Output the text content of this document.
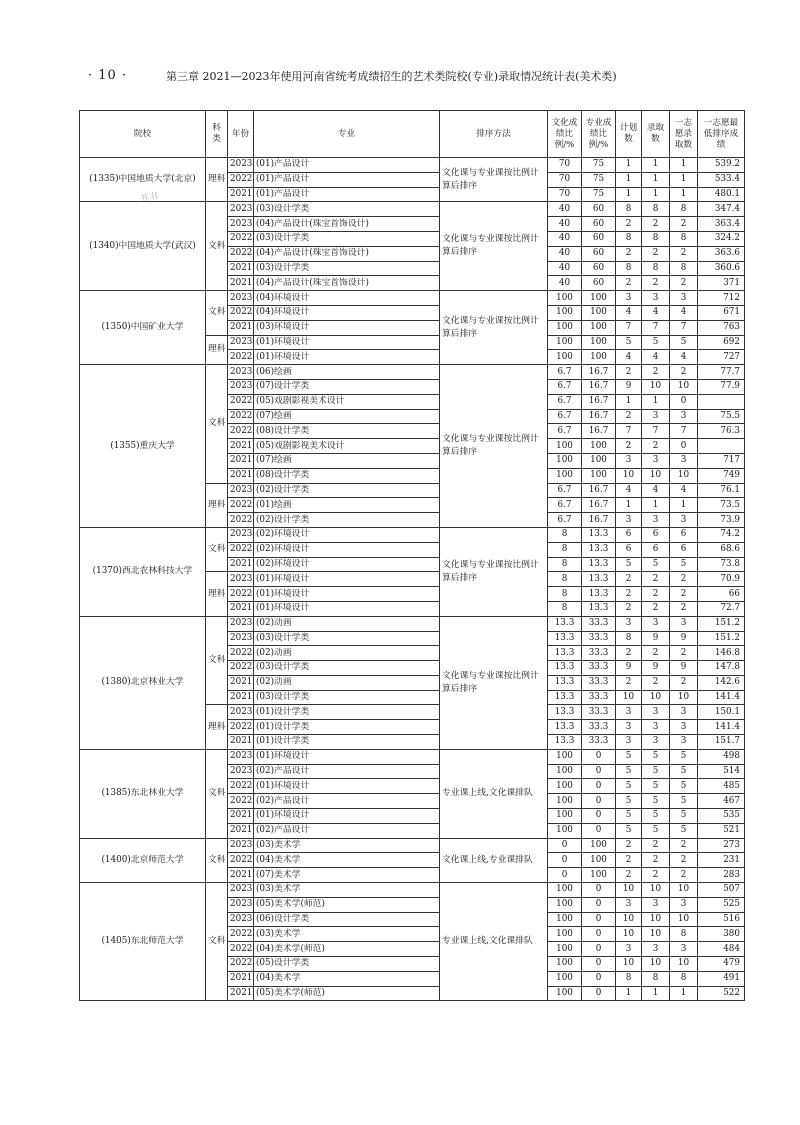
· 10 ·	第三章 2021—2023年使用河南省统考成绩招生的艺术类院校(专业)录取情况统计表(美术类)
井书
院校	科类	年份	专业	排序方法	文化成绩比例/%	专业成绩比例/%	计划数	录取数	一志愿录取数	一志愿最低排序成绩
(1335)中国地质大学(北京)	理科	2023	(01)产品设计	文化课与专业课按比例计算后排序	70	75	1	1	1	539.2
		2022	(01)产品设计		70	75	1	1	1	533.4
		2021	(01)产品设计		70	75	1	1	1	480.1
(1340)中国地质大学(武汉)	文科	2023	(03)设计学类	文化课与专业课按比例计算后排序	40	60	8	8	8	347.4
		2023	(04)产品设计(珠宝首饰设计)		40	60	2	2	2	363.4
		2022	(03)设计学类		40	60	8	8	8	324.2
		2022	(04)产品设计(珠宝首饰设计)		40	60	2	2	2	363.6
		2021	(03)设计学类		40	60	8	8	8	360.6
		2021	(04)产品设计(珠宝首饰设计)		40	60	2	2	2	371
(1350)中国矿业大学	文科	2023	(04)环境设计	文化课与专业课按比例计算后排序	100	100	3	3	3	712
		2022	(04)环境设计		100	100	4	4	4	671
		2021	(03)环境设计		100	100	7	7	7	763
	理科	2023	(01)环境设计		100	100	5	5	5	692
		2022	(01)环境设计		100	100	4	4	4	727
(1355)重庆大学	文科	2023	(06)绘画	文化课与专业课按比例计算后排序	6.7	16.7	2	2	2	77.7
		2023	(07)设计学类		6.7	16.7	9	10	10	77.9
		2022	(05)戏剧影视美术设计		6.7	16.7	1	1	0	
		2022	(07)绘画		6.7	16.7	2	3	3	75.5
		2022	(08)设计学类		6.7	16.7	7	7	7	76.3
		2021	(05)戏剧影视美术设计		100	100	2	2	0	
		2021	(07)绘画		100	100	3	3	3	717
		2021	(08)设计学类		100	100	10	10	10	749
	理科	2023	(02)设计学类		6.7	16.7	4	4	4	76.1
		2022	(01)绘画		6.7	16.7	1	1	1	73.5
		2022	(02)设计学类		6.7	16.7	3	3	3	73.9
(1370)西北农林科技大学	文科	2023	(02)环境设计	文化课与专业课按比例计算后排序	8	13.3	6	6	6	74.2
		2022	(02)环境设计		8	13.3	6	6	6	68.6
		2021	(02)环境设计		8	13.3	5	5	5	73.8
	理科	2023	(01)环境设计		8	13.3	2	2	2	70.9
		2022	(01)环境设计		8	13.3	2	2	2	66
		2021	(01)环境设计		8	13.3	2	2	2	72.7
(1380)北京林业大学	文科	2023	(02)动画	文化课与专业课按比例计算后排序	13.3	33.3	3	3	3	151.2
		2023	(03)设计学类		13.3	33.3	8	9	9	151.2
		2022	(02)动画		13.3	33.3	2	2	2	146.8
		2022	(03)设计学类		13.3	33.3	9	9	9	147.8
		2021	(02)动画		13.3	33.3	2	2	2	142.6
		2021	(03)设计学类		13.3	33.3	10	10	10	141.4
	理科	2023	(01)设计学类		13.3	33.3	3	3	3	150.1
		2022	(01)设计学类		13.3	33.3	3	3	3	141.4
		2021	(01)设计学类		13.3	33.3	3	3	3	151.7
(1385)东北林业大学	文科	2023	(01)环境设计	专业课上线,文化课排队	100	0	5	5	5	498
		2023	(02)产品设计		100	0	5	5	5	514
		2022	(01)环境设计		100	0	5	5	5	485
		2022	(02)产品设计		100	0	5	5	5	467
		2021	(01)环境设计		100	0	5	5	5	535
		2021	(02)产品设计		100	0	5	5	5	521
(1400)北京师范大学	文科	2023	(03)美术学	文化课上线,专业课排队	0	100	2	2	2	273
		2022	(04)美术学		0	100	2	2	2	231
		2021	(07)美术学		0	100	2	2	2	283
(1405)东北师范大学	文科	2023	(03)美术学	专业课上线,文化课排队	100	0	10	10	10	507
		2023	(05)美术学(师范)		100	0	3	3	3	525
		2023	(06)设计学类		100	0	10	10	10	516
		2022	(03)美术学		100	0	10	10	8	380
		2022	(04)美术学(师范)		100	0	3	3	3	484
		2022	(05)设计学类		100	0	10	10	10	479
		2021	(04)美术学		100	0	8	8	8	491
		2021	(05)美术学(师范)		100	0	1	1	1	522
